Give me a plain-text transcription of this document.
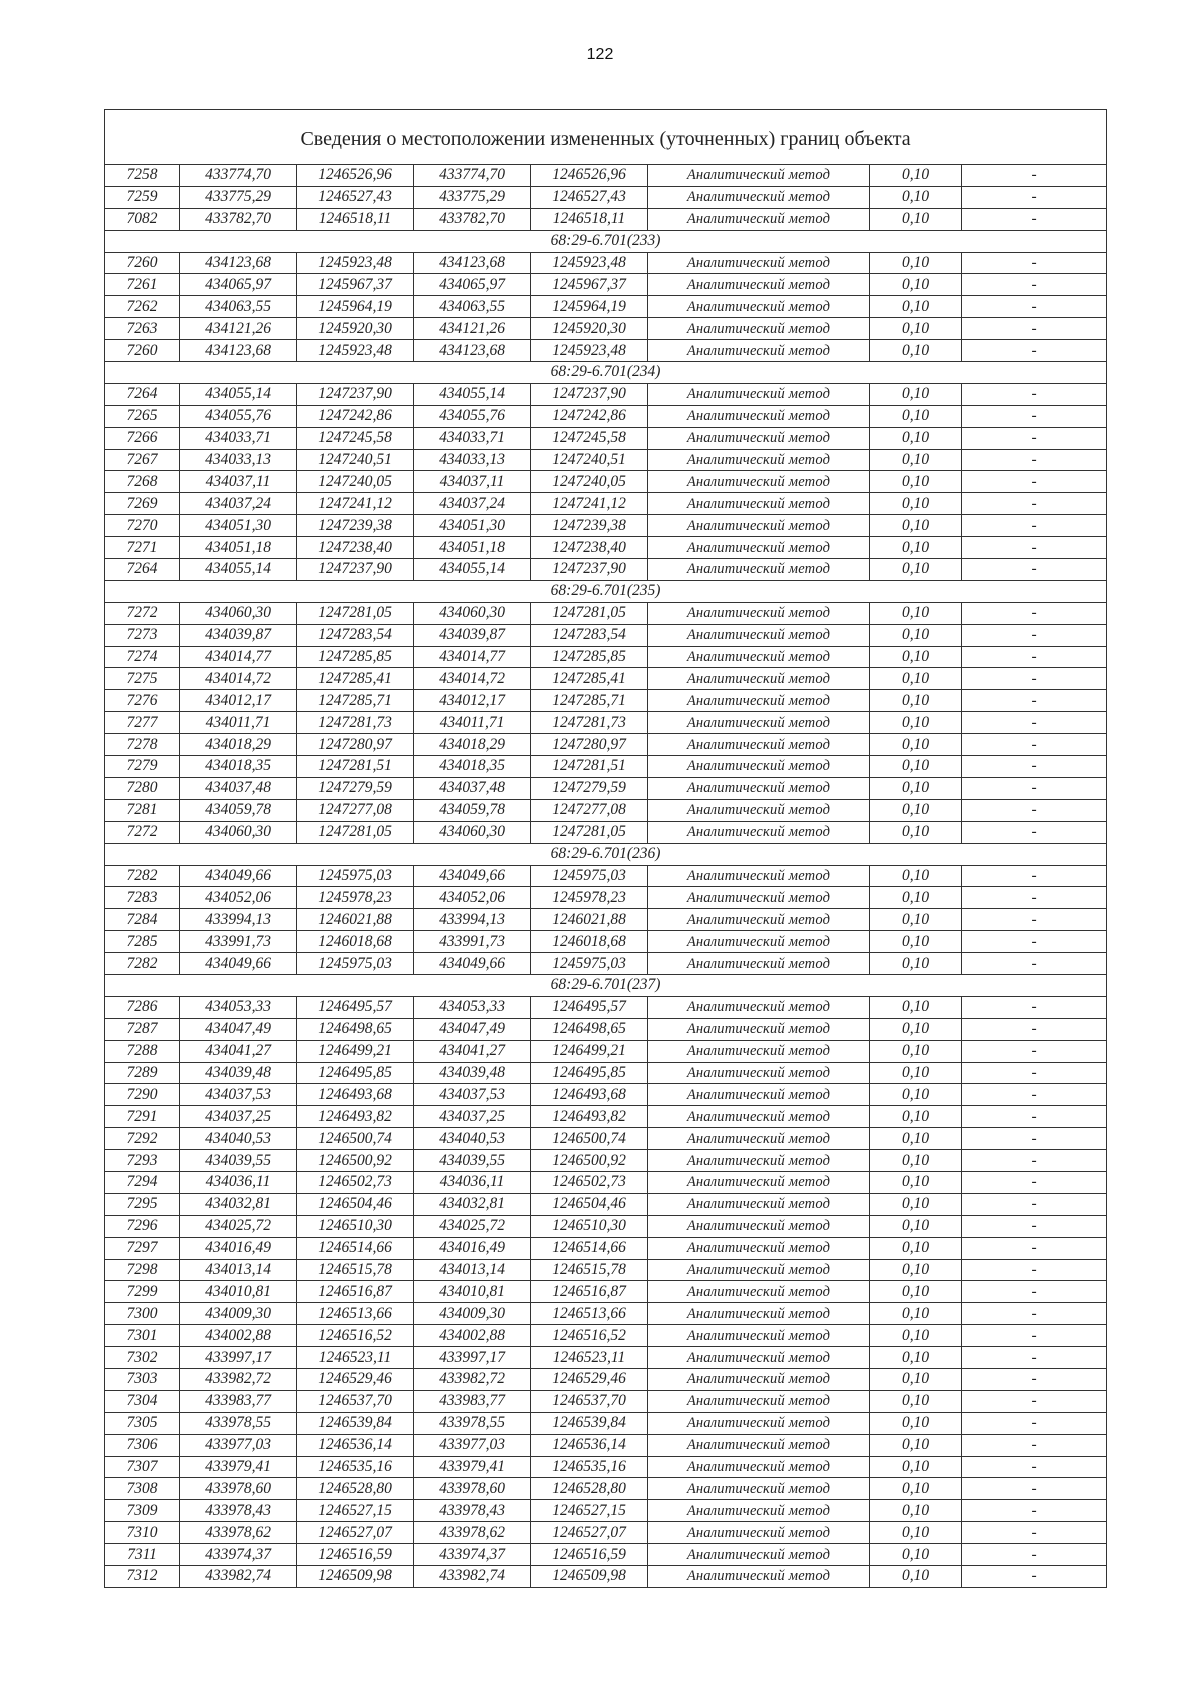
122
Сведения о местоположении измененных (уточненных) границ объекта							
7258	433774,70	1246526,96	433774,70	1246526,96	Аналитический метод	0,10	-
7259	433775,29	1246527,43	433775,29	1246527,43	Аналитический метод	0,10	-
7082	433782,70	1246518,11	433782,70	1246518,11	Аналитический метод	0,10	-
68:29-6.701(233)							
7260	434123,68	1245923,48	434123,68	1245923,48	Аналитический метод	0,10	-
7261	434065,97	1245967,37	434065,97	1245967,37	Аналитический метод	0,10	-
7262	434063,55	1245964,19	434063,55	1245964,19	Аналитический метод	0,10	-
7263	434121,26	1245920,30	434121,26	1245920,30	Аналитический метод	0,10	-
7260	434123,68	1245923,48	434123,68	1245923,48	Аналитический метод	0,10	-
68:29-6.701(234)							
7264	434055,14	1247237,90	434055,14	1247237,90	Аналитический метод	0,10	-
7265	434055,76	1247242,86	434055,76	1247242,86	Аналитический метод	0,10	-
7266	434033,71	1247245,58	434033,71	1247245,58	Аналитический метод	0,10	-
7267	434033,13	1247240,51	434033,13	1247240,51	Аналитический метод	0,10	-
7268	434037,11	1247240,05	434037,11	1247240,05	Аналитический метод	0,10	-
7269	434037,24	1247241,12	434037,24	1247241,12	Аналитический метод	0,10	-
7270	434051,30	1247239,38	434051,30	1247239,38	Аналитический метод	0,10	-
7271	434051,18	1247238,40	434051,18	1247238,40	Аналитический метод	0,10	-
7264	434055,14	1247237,90	434055,14	1247237,90	Аналитический метод	0,10	-
68:29-6.701(235)							
7272	434060,30	1247281,05	434060,30	1247281,05	Аналитический метод	0,10	-
7273	434039,87	1247283,54	434039,87	1247283,54	Аналитический метод	0,10	-
7274	434014,77	1247285,85	434014,77	1247285,85	Аналитический метод	0,10	-
7275	434014,72	1247285,41	434014,72	1247285,41	Аналитический метод	0,10	-
7276	434012,17	1247285,71	434012,17	1247285,71	Аналитический метод	0,10	-
7277	434011,71	1247281,73	434011,71	1247281,73	Аналитический метод	0,10	-
7278	434018,29	1247280,97	434018,29	1247280,97	Аналитический метод	0,10	-
7279	434018,35	1247281,51	434018,35	1247281,51	Аналитический метод	0,10	-
7280	434037,48	1247279,59	434037,48	1247279,59	Аналитический метод	0,10	-
7281	434059,78	1247277,08	434059,78	1247277,08	Аналитический метод	0,10	-
7272	434060,30	1247281,05	434060,30	1247281,05	Аналитический метод	0,10	-
68:29-6.701(236)							
7282	434049,66	1245975,03	434049,66	1245975,03	Аналитический метод	0,10	-
7283	434052,06	1245978,23	434052,06	1245978,23	Аналитический метод	0,10	-
7284	433994,13	1246021,88	433994,13	1246021,88	Аналитический метод	0,10	-
7285	433991,73	1246018,68	433991,73	1246018,68	Аналитический метод	0,10	-
7282	434049,66	1245975,03	434049,66	1245975,03	Аналитический метод	0,10	-
68:29-6.701(237)							
7286	434053,33	1246495,57	434053,33	1246495,57	Аналитический метод	0,10	-
7287	434047,49	1246498,65	434047,49	1246498,65	Аналитический метод	0,10	-
7288	434041,27	1246499,21	434041,27	1246499,21	Аналитический метод	0,10	-
7289	434039,48	1246495,85	434039,48	1246495,85	Аналитический метод	0,10	-
7290	434037,53	1246493,68	434037,53	1246493,68	Аналитический метод	0,10	-
7291	434037,25	1246493,82	434037,25	1246493,82	Аналитический метод	0,10	-
7292	434040,53	1246500,74	434040,53	1246500,74	Аналитический метод	0,10	-
7293	434039,55	1246500,92	434039,55	1246500,92	Аналитический метод	0,10	-
7294	434036,11	1246502,73	434036,11	1246502,73	Аналитический метод	0,10	-
7295	434032,81	1246504,46	434032,81	1246504,46	Аналитический метод	0,10	-
7296	434025,72	1246510,30	434025,72	1246510,30	Аналитический метод	0,10	-
7297	434016,49	1246514,66	434016,49	1246514,66	Аналитический метод	0,10	-
7298	434013,14	1246515,78	434013,14	1246515,78	Аналитический метод	0,10	-
7299	434010,81	1246516,87	434010,81	1246516,87	Аналитический метод	0,10	-
7300	434009,30	1246513,66	434009,30	1246513,66	Аналитический метод	0,10	-
7301	434002,88	1246516,52	434002,88	1246516,52	Аналитический метод	0,10	-
7302	433997,17	1246523,11	433997,17	1246523,11	Аналитический метод	0,10	-
7303	433982,72	1246529,46	433982,72	1246529,46	Аналитический метод	0,10	-
7304	433983,77	1246537,70	433983,77	1246537,70	Аналитический метод	0,10	-
7305	433978,55	1246539,84	433978,55	1246539,84	Аналитический метод	0,10	-
7306	433977,03	1246536,14	433977,03	1246536,14	Аналитический метод	0,10	-
7307	433979,41	1246535,16	433979,41	1246535,16	Аналитический метод	0,10	-
7308	433978,60	1246528,80	433978,60	1246528,80	Аналитический метод	0,10	-
7309	433978,43	1246527,15	433978,43	1246527,15	Аналитический метод	0,10	-
7310	433978,62	1246527,07	433978,62	1246527,07	Аналитический метод	0,10	-
7311	433974,37	1246516,59	433974,37	1246516,59	Аналитический метод	0,10	-
7312	433982,74	1246509,98	433982,74	1246509,98	Аналитический метод	0,10	-
